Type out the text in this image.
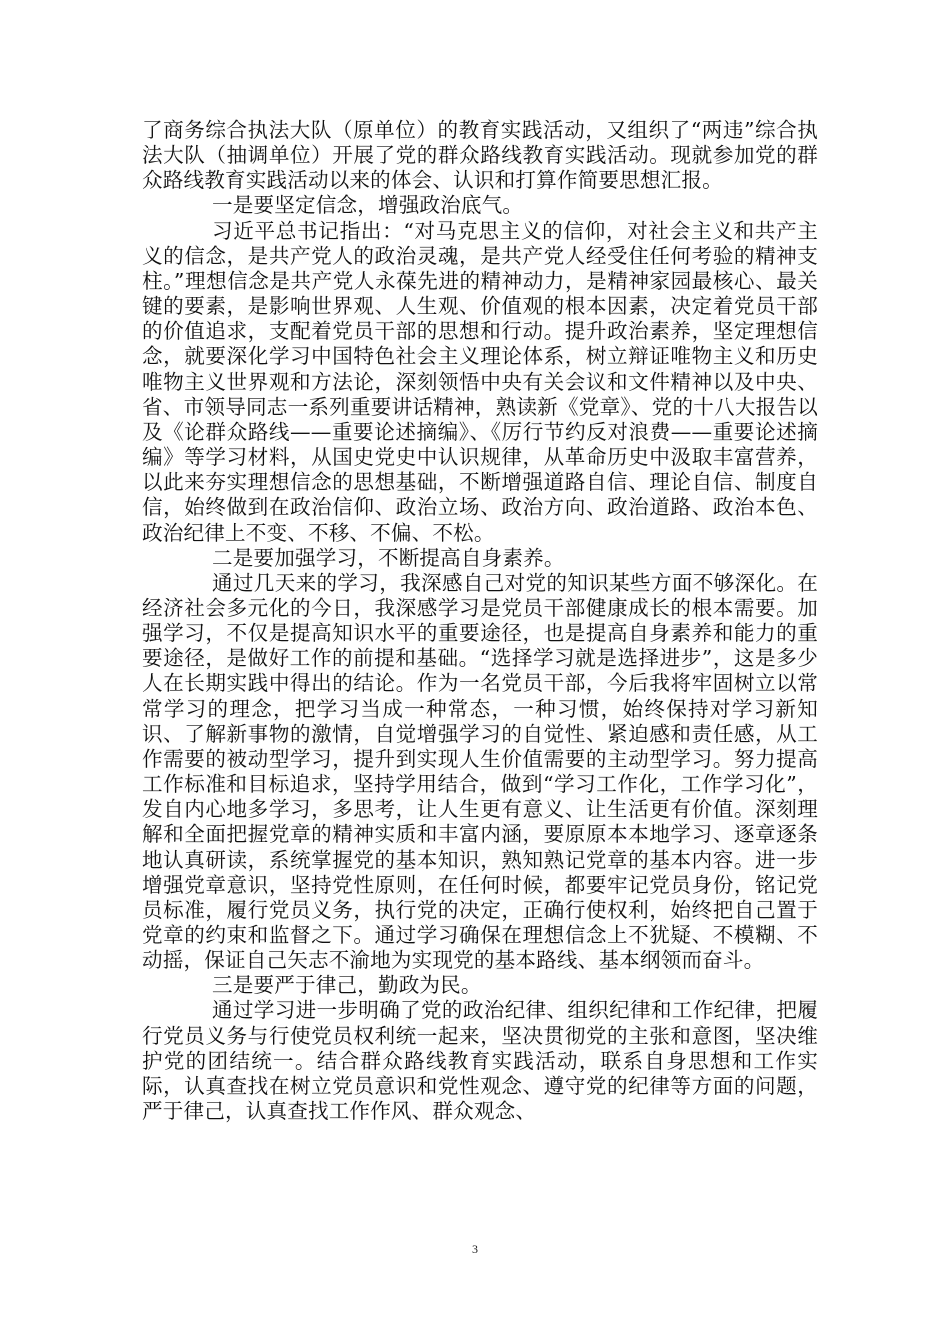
了商务综合执法大队（原单位）的教育实践活动，又组织了“两违”综合执法大队（抽调单位）开展了党的群众路线教育实践活动。现就参加党的群众路线教育实践活动以来的体会、认识和打算作简要思想汇报。

一是要坚定信念，增强政治底气。

习近平总书记指出：“对马克思主义的信仰，对社会主义和共产主义的信念，是共产党人的政治灵魂，是共产党人经受住任何考验的精神支柱。”理想信念是共产党人永葆先进的精神动力，是精神家园最核心、最关键的要素，是影响世界观、人生观、价值观的根本因素，决定着党员干部的价值追求，支配着党员干部的思想和行动。提升政治素养，坚定理想信念，就要深化学习中国特色社会主义理论体系，树立辩证唯物主义和历史唯物主义世界观和方法论，深刻领悟中央有关会议和文件精神以及中央、省、市领导同志一系列重要讲话精神，熟读新《党章》、党的十八大报告以及《论群众路线——重要论述摘编》、《厉行节约反对浪费——重要论述摘编》等学习材料，从国史党史中认识规律，从革命历史中汲取丰富营养，以此来夯实理想信念的思想基础，不断增强道路自信、理论自信、制度自信，始终做到在政治信仰、政治立场、政治方向、政治道路、政治本色、政治纪律上不变、不移、不偏、不松。

二是要加强学习，不断提高自身素养。

通过几天来的学习，我深感自己对党的知识某些方面不够深化。在经济社会多元化的今日，我深感学习是党员干部健康成长的根本需要。加强学习，不仅是提高知识水平的重要途径，也是提高自身素养和能力的重要途径，是做好工作的前提和基础。“选择学习就是选择进步”，这是多少人在长期实践中得出的结论。作为一名党员干部，今后我将牢固树立以常常学习的理念，把学习当成一种常态，一种习惯，始终保持对学习新知识、了解新事物的激情，自觉增强学习的自觉性、紧迫感和责任感，从工作需要的被动型学习，提升到实现人生价值需要的主动型学习。努力提高工作标准和目标追求，坚持学用结合，做到“学习工作化，工作学习化”，发自内心地多学习，多思考，让人生更有意义、让生活更有价值。深刻理解和全面把握党章的精神实质和丰富内涵，要原原本本地学习、逐章逐条地认真研读，系统掌握党的基本知识，熟知熟记党章的基本内容。进一步增强党章意识，坚持党性原则，在任何时候，都要牢记党员身份，铭记党员标准，履行党员义务，执行党的决定，正确行使权利，始终把自己置于党章的约束和监督之下。通过学习确保在理想信念上不犹疑、不模糊、不动摇，保证自己矢志不渝地为实现党的基本路线、基本纲领而奋斗。

三是要严于律己，勤政为民。

通过学习进一步明确了党的政治纪律、组织纪律和工作纪律，把履行党员义务与行使党员权利统一起来，坚决贯彻党的主张和意图，坚决维护党的团结统一。结合群众路线教育实践活动，联系自身思想和工作实际，认真查找在树立党员意识和党性观念、遵守党的纪律等方面的问题，严于律己，认真查找工作作风、群众观念、

3
